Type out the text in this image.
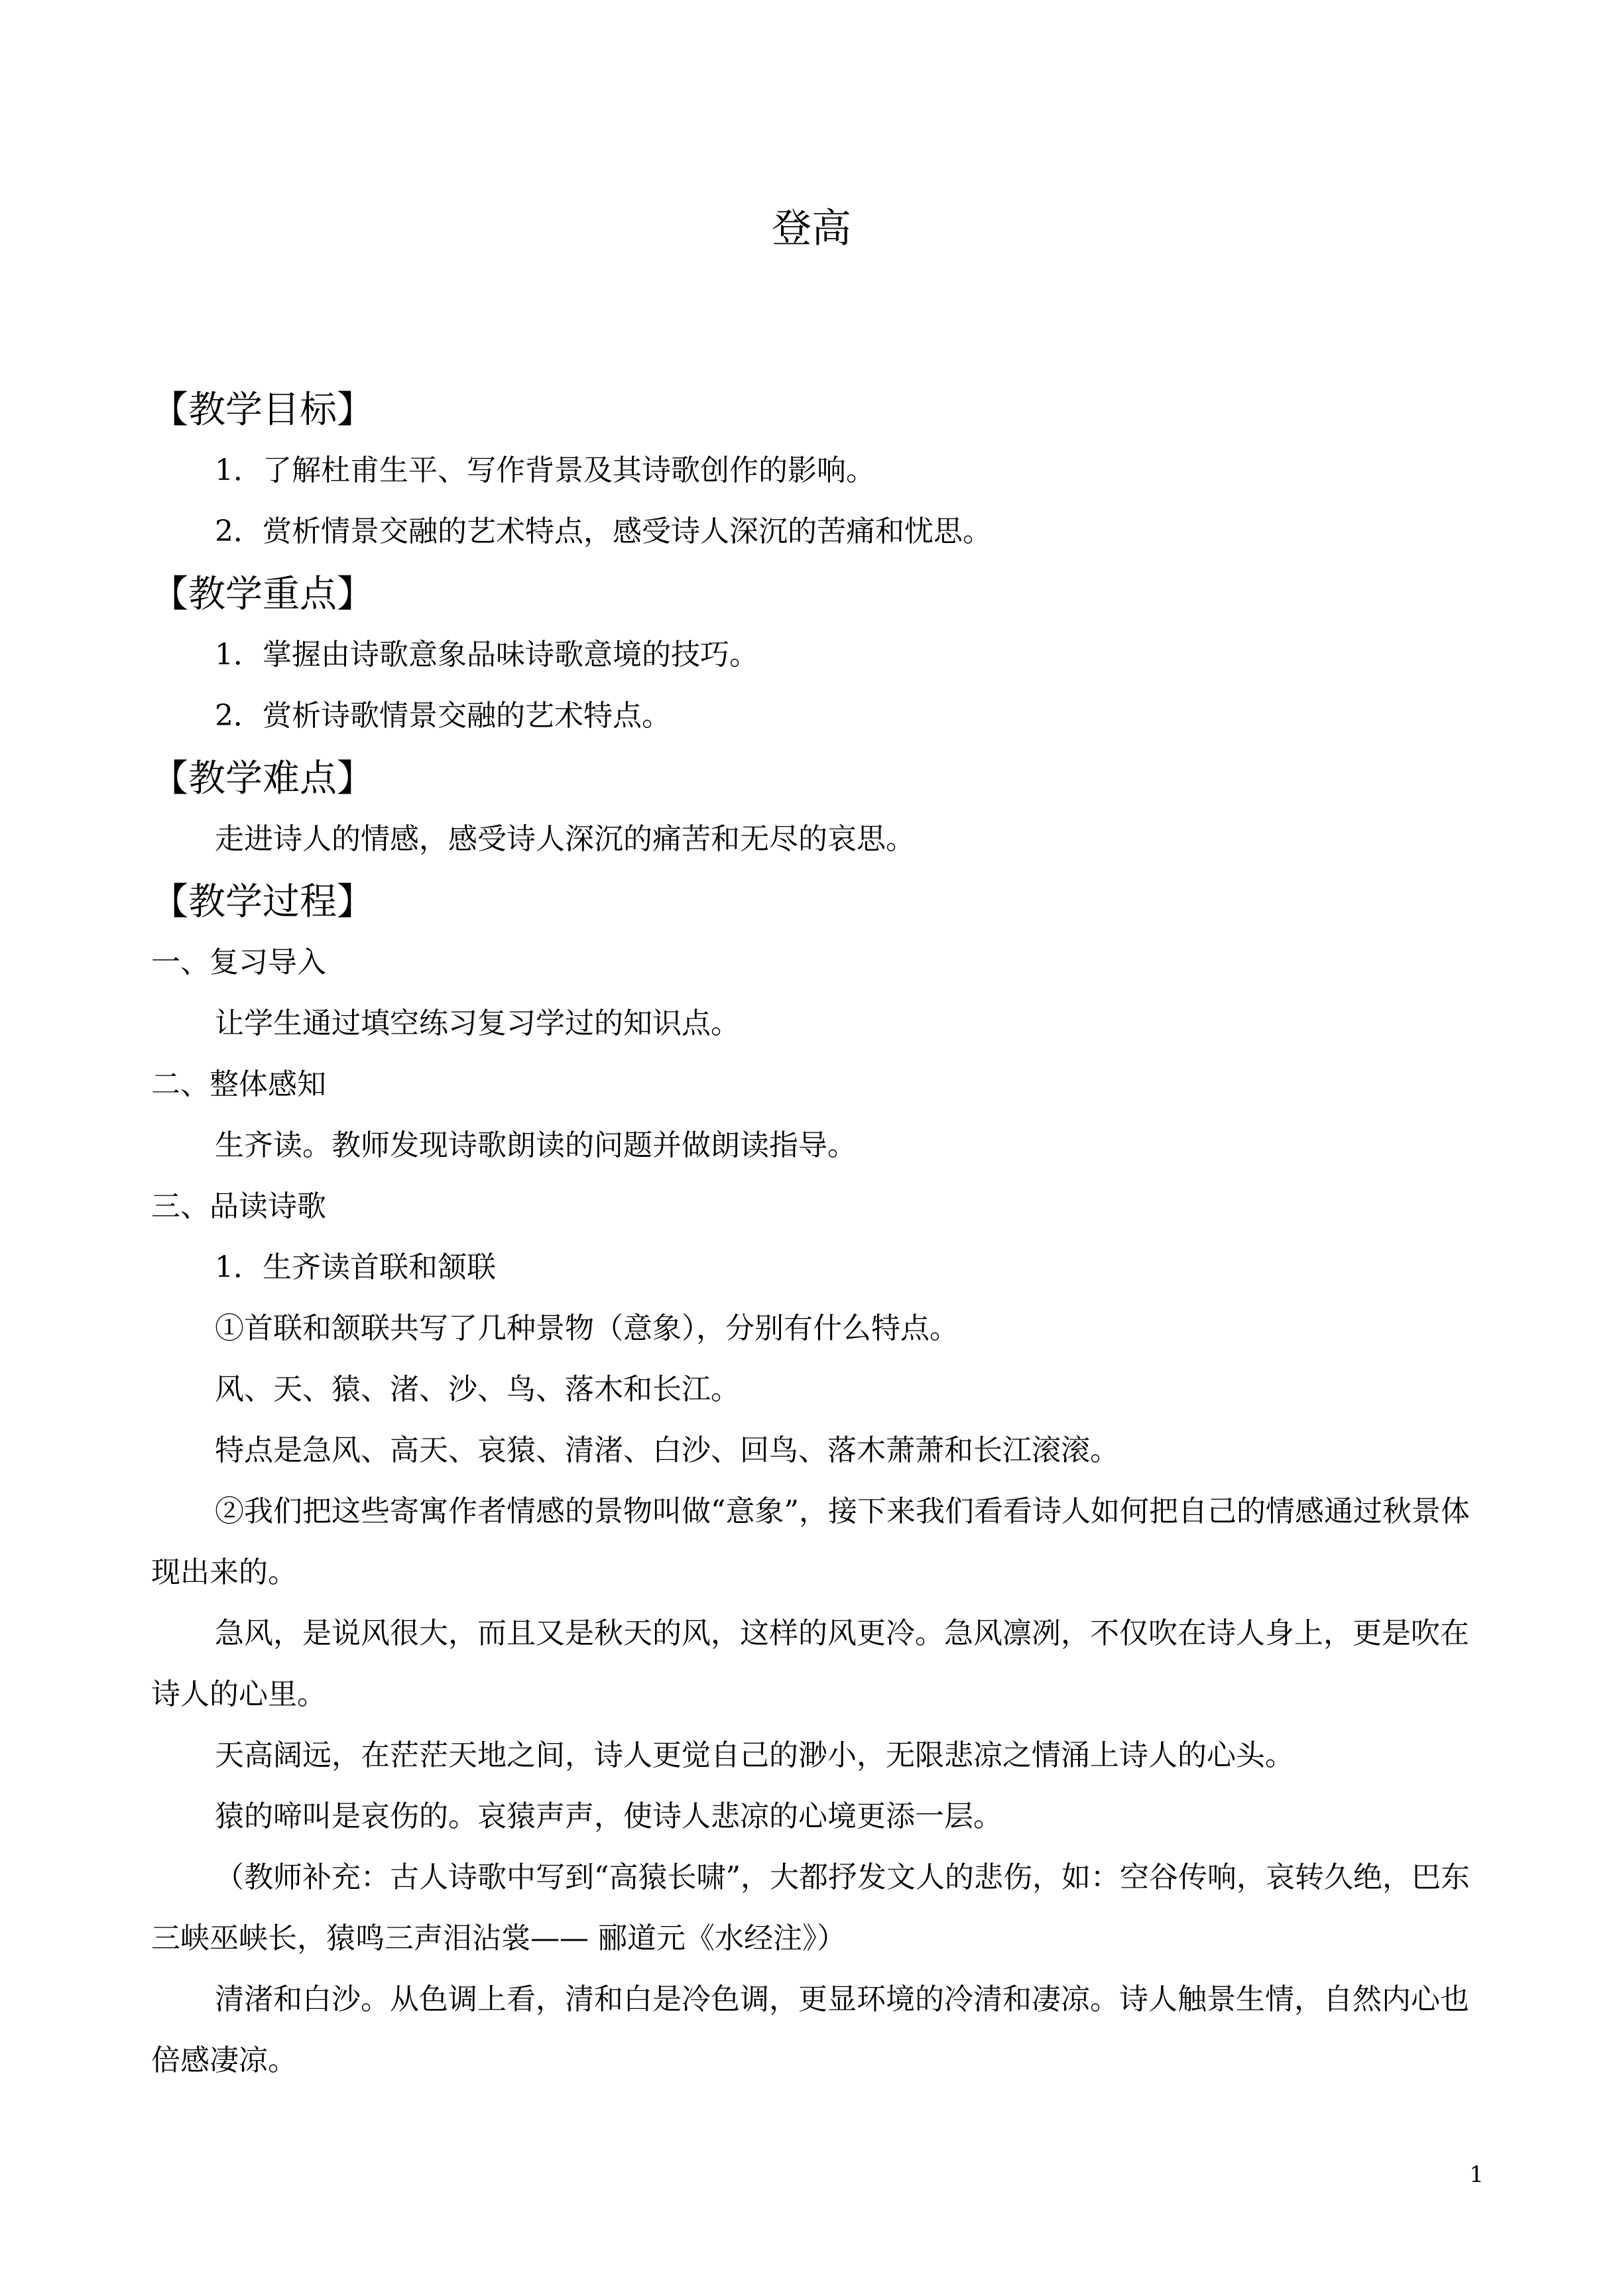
登高
【教学目标】

1．了解杜甫生平、写作背景及其诗歌创作的影响。

2．赏析情景交融的艺术特点，感受诗人深沉的苦痛和忧思。

【教学重点】

1．掌握由诗歌意象品味诗歌意境的技巧。

2．赏析诗歌情景交融的艺术特点。

【教学难点】

走进诗人的情感，感受诗人深沉的痛苦和无尽的哀思。

【教学过程】

一、复习导入

让学生通过填空练习复习学过的知识点。

二、整体感知

生齐读。教师发现诗歌朗读的问题并做朗读指导。

三、品读诗歌

1．生齐读首联和颔联

①首联和颔联共写了几种景物（意象），分别有什么特点。

风、天、猿、渚、沙、鸟、落木和长江。

特点是急风、高天、哀猿、清渚、白沙、回鸟、落木萧萧和长江滚滚。

②我们把这些寄寓作者情感的景物叫做“意象”，接下来我们看看诗人如何把自己的情感通过秋景体现出来的。

急风，是说风很大，而且又是秋天的风，这样的风更冷。急风凛冽，不仅吹在诗人身上，更是吹在诗人的心里。

天高阔远，在茫茫天地之间，诗人更觉自己的渺小，无限悲凉之情涌上诗人的心头。

猿的啼叫是哀伤的。哀猿声声，使诗人悲凉的心境更添一层。

（教师补充：古人诗歌中写到“高猿长啸”，大都抒发文人的悲伤，如：空谷传响，哀转久绝，巴东三峡巫峡长，猿鸣三声泪沾裳—— 郦道元《水经注》）

清渚和白沙。从色调上看，清和白是冷色调，更显环境的冷清和凄凉。诗人触景生情，自然内心也倍感凄凉。

1
